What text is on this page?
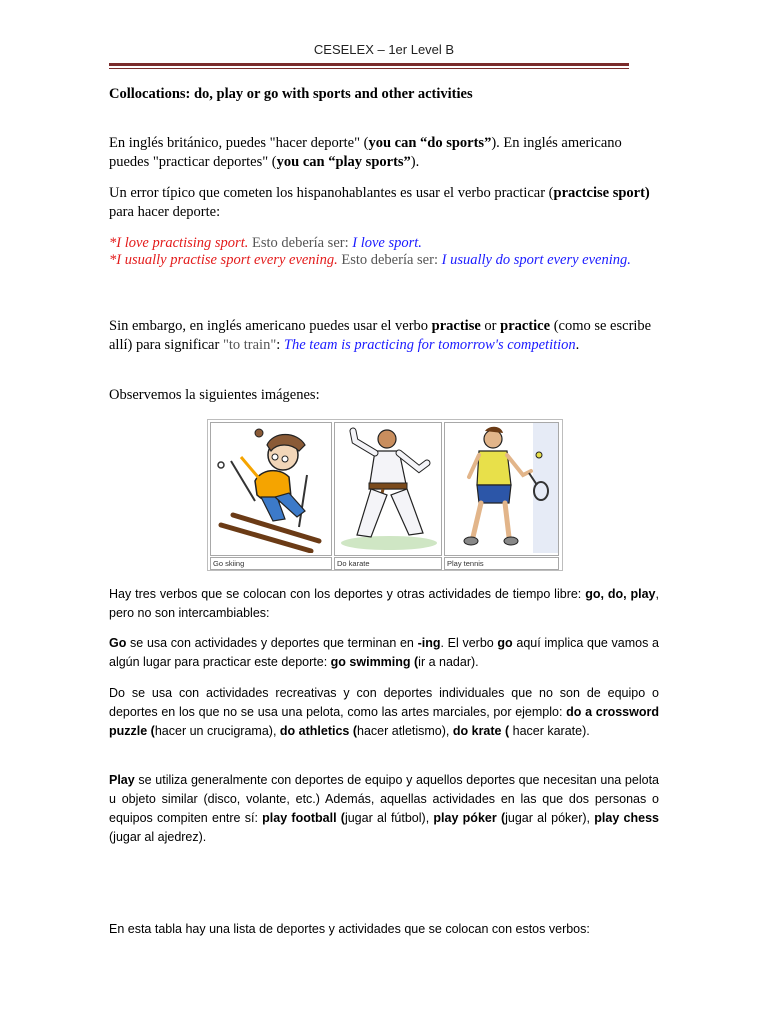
CESELEX – 1er Level B
Collocations: do, play or go with sports and other activities
En inglés británico, puedes "hacer deporte" (you can “do sports”). En inglés americano puedes "practicar deportes" (you can “play sports”).
Un error típico que cometen los hispanohablantes es usar el verbo practicar (practcise sport) para hacer deporte:
*I love practising sport. Esto debería ser: I love sport.
*I usually practise sport every evening. Esto debería ser: I usually do sport every evening.
Sin embargo, en inglés americano puedes usar el verbo practise or practice (como se escribe allí) para significar "to train": The team is practicing for tomorrow's competition.
Observemos la siguientes imágenes:
Go skiing	Do karate	Play tennis
Hay tres verbos que se colocan con los deportes y otras actividades de tiempo libre: go, do, play, pero no son intercambiables:
Go se usa con actividades y deportes que terminan en -ing. El verbo go aquí implica que vamos a algún lugar para practicar este deporte: go swimming (ir a nadar).
Do se usa con actividades recreativas y con deportes individuales que no son de equipo o deportes en los que no se usa una pelota, como las artes marciales, por ejemplo: do a crossword puzzle (hacer un crucigrama), do athletics (hacer atletismo), do krate ( hacer karate).
Play se utiliza generalmente con deportes de equipo y aquellos deportes que necesitan una pelota u objeto similar (disco, volante, etc.) Además, aquellas actividades en las que dos personas o equipos compiten entre sí: play football (jugar al fútbol), play póker (jugar al póker), play chess (jugar al ajedrez).
En esta tabla hay una lista de deportes y actividades que se colocan con estos verbos:
